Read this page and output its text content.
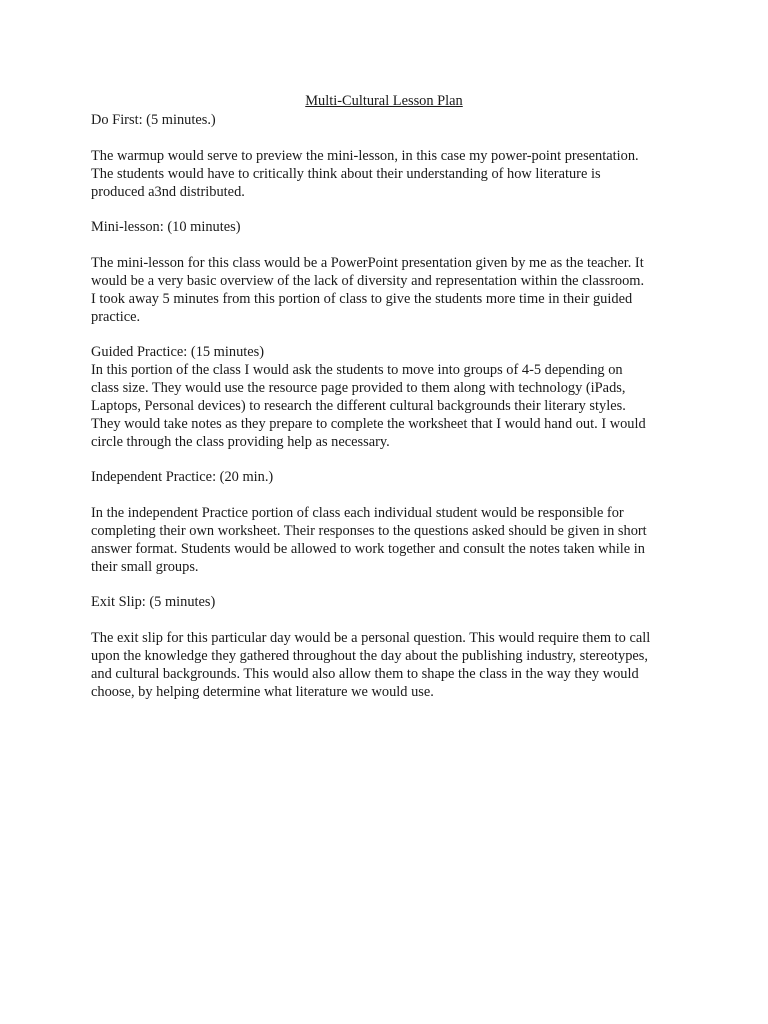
Multi-Cultural Lesson Plan

Do First: (5 minutes.)

The warmup would serve to preview the mini-lesson, in this case my power-point presentation.
The students would have to critically think about their understanding of how literature is
produced a3nd distributed.

Mini-lesson: (10 minutes)

The mini-lesson for this class would be a PowerPoint presentation given by me as the teacher. It
would be a very basic overview of the lack of diversity and representation within the classroom.
I took away 5 minutes from this portion of class to give the students more time in their guided
practice.

Guided Practice: (15 minutes)

In this portion of the class I would ask the students to move into groups of 4-5 depending on
class size. They would use the resource page provided to them along with technology (iPads,
Laptops, Personal devices) to research the different cultural backgrounds their literary styles.
They would take notes as they prepare to complete the worksheet that I would hand out. I would
circle through the class providing help as necessary.

Independent Practice: (20 min.)

In the independent Practice portion of class each individual student would be responsible for
completing their own worksheet. Their responses to the questions asked should be given in short
answer format. Students would be allowed to work together and consult the notes taken while in
their small groups.

Exit Slip: (5 minutes)

The exit slip for this particular day would be a personal question. This would require them to call
upon the knowledge they gathered throughout the day about the publishing industry, stereotypes,
and cultural backgrounds. This would also allow them to shape the class in the way they would
choose, by helping determine what literature we would use.
